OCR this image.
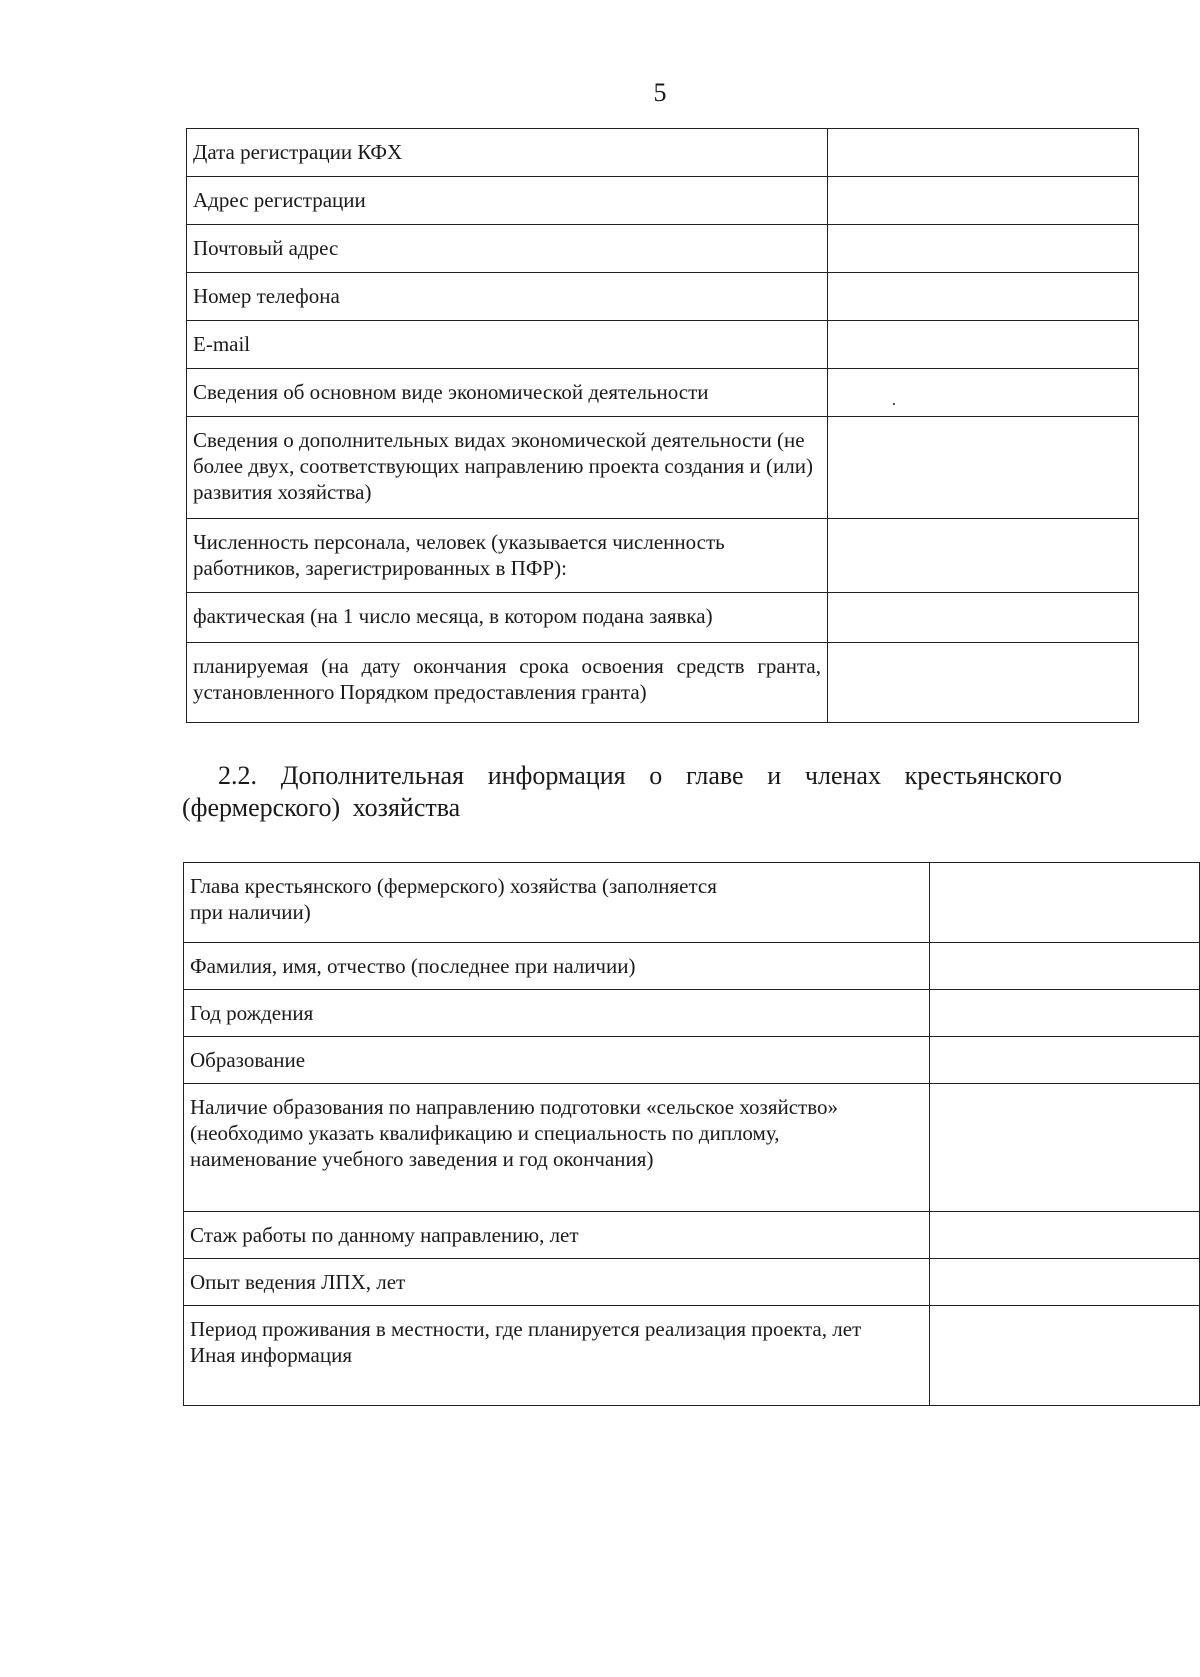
5
Дата регистрации КФХ	
Адрес регистрации	
Почтовый адрес	
Номер телефона	
E-mail	
Сведения об основном виде экономической деятельности	
Сведения о дополнительных видах экономической деятельности (не более двух, соответствующих направлению проекта создания и (или) развития хозяйства)	
Численность персонала, человек (указывается численность работников, зарегистрированных в ПФР):	
фактическая (на 1 число месяца, в котором подана заявка)	
планируемая (на дату окончания срока освоения средств гранта, установленного Порядком предоставления гранта)	
2.2. Дополнительная информация о главе и членах крестьянского
(фермерского) хозяйства
Глава крестьянского (фермерского) хозяйства (заполняется при наличии)	
Фамилия, имя, отчество (последнее при наличии)	
Год рождения	
Образование	
Наличие образования по направлению подготовки «сельское хозяйство» (необходимо указать квалификацию и специальность по диплому, наименование учебного заведения и год окончания)	
Стаж работы по данному направлению, лет	
Опыт ведения ЛПХ, лет	

Период проживания в местности, где планируется реализация проекта, лет
Иная информация	
